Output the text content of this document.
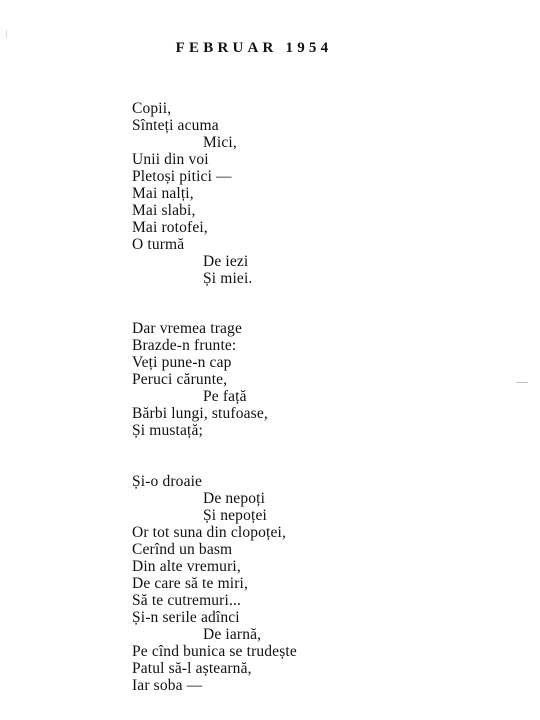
FEBRUAR 1954
Copii,
Sînteți acuma
Mici,
Unii din voi
Pletoși pitici —
Mai nalți,
Mai slabi,
Mai rotofei,
O turmă
De iezi
Și miei.
Dar vremea trage
Brazde-n frunte:
Veți pune-n cap
Peruci cărunte,
Pe față
Bărbi lungi, stufoase,
Și mustață;
Și-o droaie
De nepoți
Și nepoței
Or tot suna din clopoței,
Cerînd un basm
Din alte vremuri,
De care să te miri,
Să te cutremuri...
Și-n serile adînci
De iarnă,
Pe cînd bunica se trudește
Patul să-l aștearnă,
Iar soba —
